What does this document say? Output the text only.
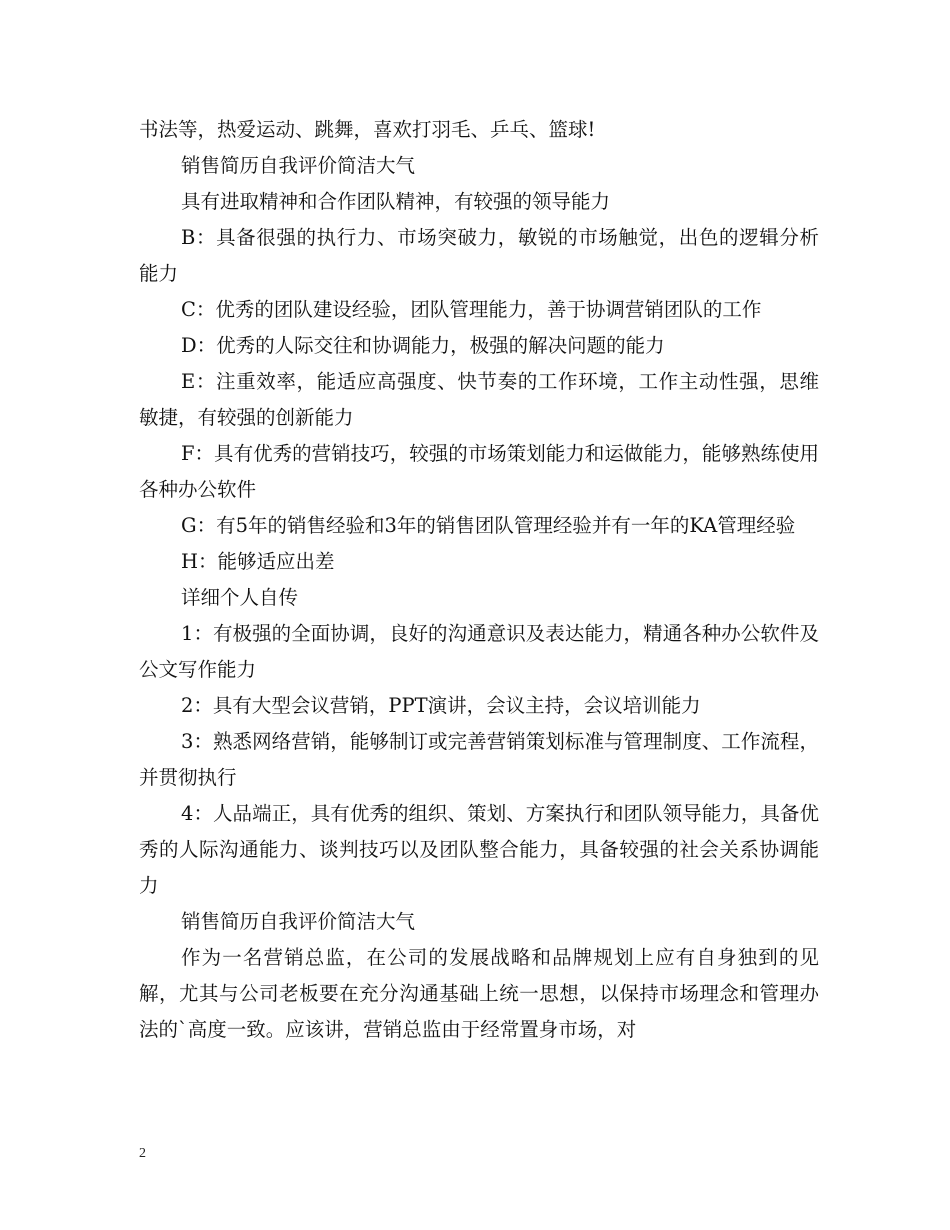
书法等，热爱运动、跳舞，喜欢打羽毛、乒乓、篮球!

销售简历自我评价简洁大气

具有进取精神和合作团队精神，有较强的领导能力

B：具备很强的执行力、市场突破力，敏锐的市场触觉，出色的逻辑分析能力

C：优秀的团队建设经验，团队管理能力，善于协调营销团队的工作

D：优秀的人际交往和协调能力，极强的解决问题的能力

E：注重效率，能适应高强度、快节奏的工作环境，工作主动性强，思维敏捷，有较强的创新能力

F：具有优秀的营销技巧，较强的市场策划能力和运做能力，能够熟练使用各种办公软件

G：有5年的销售经验和3年的销售团队管理经验并有一年的KA管理经验

H：能够适应出差

详细个人自传

1：有极强的全面协调，良好的沟通意识及表达能力，精通各种办公软件及公文写作能力

2：具有大型会议营销，PPT演讲，会议主持，会议培训能力

3：熟悉网络营销，能够制订或完善营销策划标准与管理制度、工作流程，并贯彻执行

4：人品端正，具有优秀的组织、策划、方案执行和团队领导能力，具备优秀的人际沟通能力、谈判技巧以及团队整合能力，具备较强的社会关系协调能力

销售简历自我评价简洁大气

作为一名营销总监，在公司的发展战略和品牌规划上应有自身独到的见解，尤其与公司老板要在充分沟通基础上统一思想，以保持市场理念和管理办法的`高度一致。应该讲，营销总监由于经常置身市场，对

2
